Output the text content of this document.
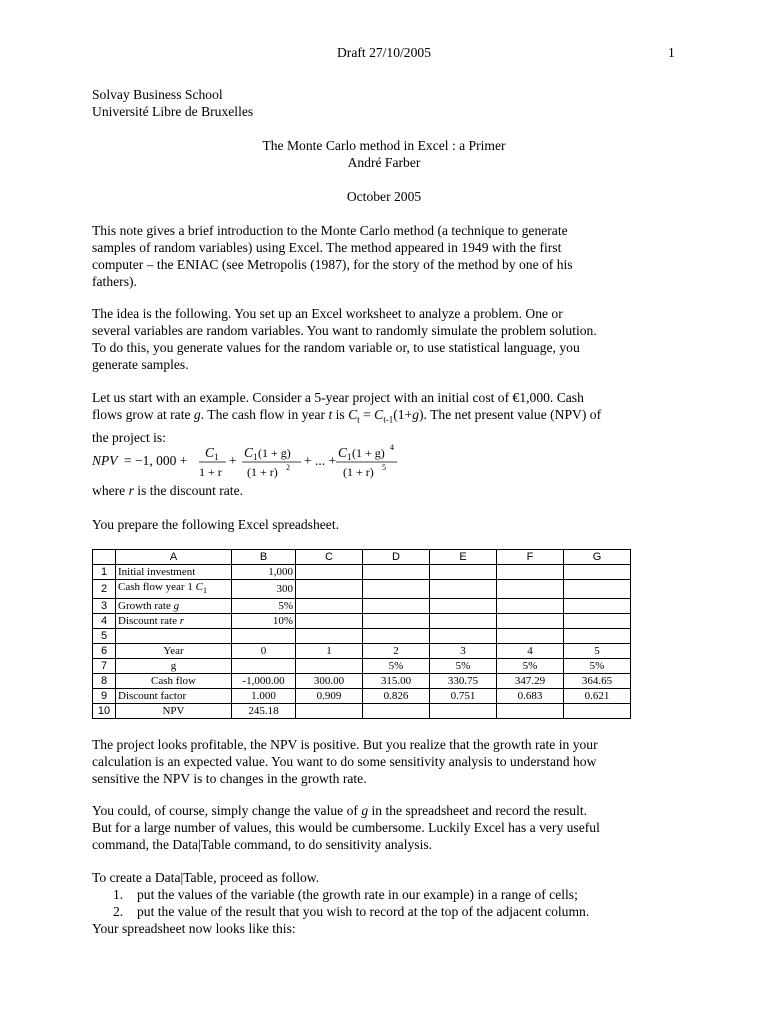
Draft 27/10/2005	1

Solvay Business School

Université Libre de Bruxelles

The Monte Carlo method in Excel : a Primer
André Farber
October 2005

This note gives a brief introduction to the Monte Carlo method (a technique to generate

samples of random variables) using Excel. The method appeared in 1949 with the first

computer – the ENIAC (see Metropolis (1987), for the story of the method by one of his

fathers).

The idea is the following. You set up an Excel worksheet to analyze a problem. One or

several variables are random variables. You want to randomly simulate the problem solution.

To do this, you generate values for the random variable or, to use statistical language, you

generate samples.

Let us start with an example. Consider a 5-year project with an initial cost of €1,000. Cash

flows grow at rate g. The cash flow in year t is $C_t = C_{t-1}(1+g)$. The net present value (NPV) of

the project is:

NPV = −1, 000 +
C 1
1 + r
+
C 1 (1 + g)
(1 + r) 2 + ... +
C 1 (1 + g) 4
(1 + r) 5

where r is the discount rate.

You prepare the following Excel spreadsheet.
	A	B	C	D	E	F	G
1	Initial investment	1,000					
2	Cash flow year 1 $C_1$	300					
3	Growth rate g	5%					
4	Discount rate r	10%					
5							
6	Year	0	1	2	3	4	5
7	g			5%	5%	5%	5%
8	Cash flow	-1,000.00	300.00	315.00	330.75	347.29	364.65
9	Discount factor	1.000	0.909	0.826	0.751	0.683	0.621
10	NPV	245.18					

The project looks profitable, the NPV is positive. But you realize that the growth rate in your

calculation is an expected value. You want to do some sensitivity analysis to understand how

sensitive the NPV is to changes in the growth rate.

You could, of course, simply change the value of g in the spreadsheet and record the result.

But for a large number of values, this would be cumbersome. Luckily Excel has a very useful

command, the Data|Table command, to do sensitivity analysis.

To create a Data|Table, proceed as follow.

1. put the values of the variable (the growth rate in our example) in a range of cells;

2. put the value of the result that you wish to record at the top of the adjacent column.

Your spreadsheet now looks like this:
